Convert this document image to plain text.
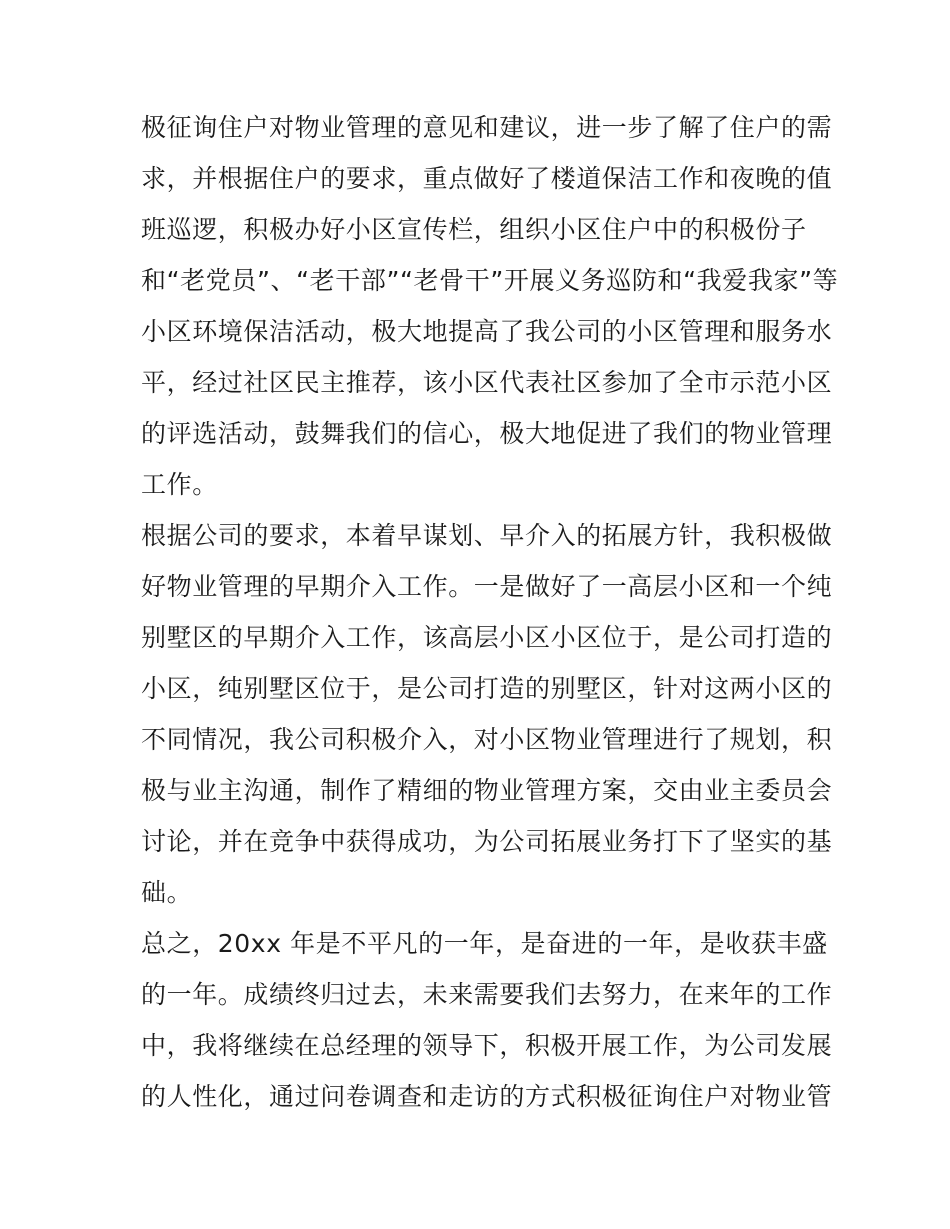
极征询住户对物业管理的意见和建议，进一步了解了住户的需
求，并根据住户的要求，重点做好了楼道保洁工作和夜晚的值
班巡逻，积极办好小区宣传栏，组织小区住户中的积极份子
和“老党员”、“老干部”“老骨干”开展义务巡防和“我爱我家”等
小区环境保洁活动，极大地提高了我公司的小区管理和服务水
平，经过社区民主推荐，该小区代表社区参加了全市示范小区
的评选活动，鼓舞我们的信心，极大地促进了我们的物业管理
工作。
根据公司的要求，本着早谋划、早介入的拓展方针，我积极做
好物业管理的早期介入工作。一是做好了一高层小区和一个纯
别墅区的早期介入工作，该高层小区小区位于，是公司打造的
小区，纯别墅区位于，是公司打造的别墅区，针对这两小区的
不同情况，我公司积极介入，对小区物业管理进行了规划，积
极与业主沟通，制作了精细的物业管理方案，交由业主委员会
讨论，并在竞争中获得成功，为公司拓展业务打下了坚实的基
础。
总之，20xx 年是不平凡的一年，是奋进的一年，是收获丰盛
的一年。成绩终归过去，未来需要我们去努力，在来年的工作
中，我将继续在总经理的领导下，积极开展工作，为公司发展
的人性化，通过问卷调查和走访的方式积极征询住户对物业管
